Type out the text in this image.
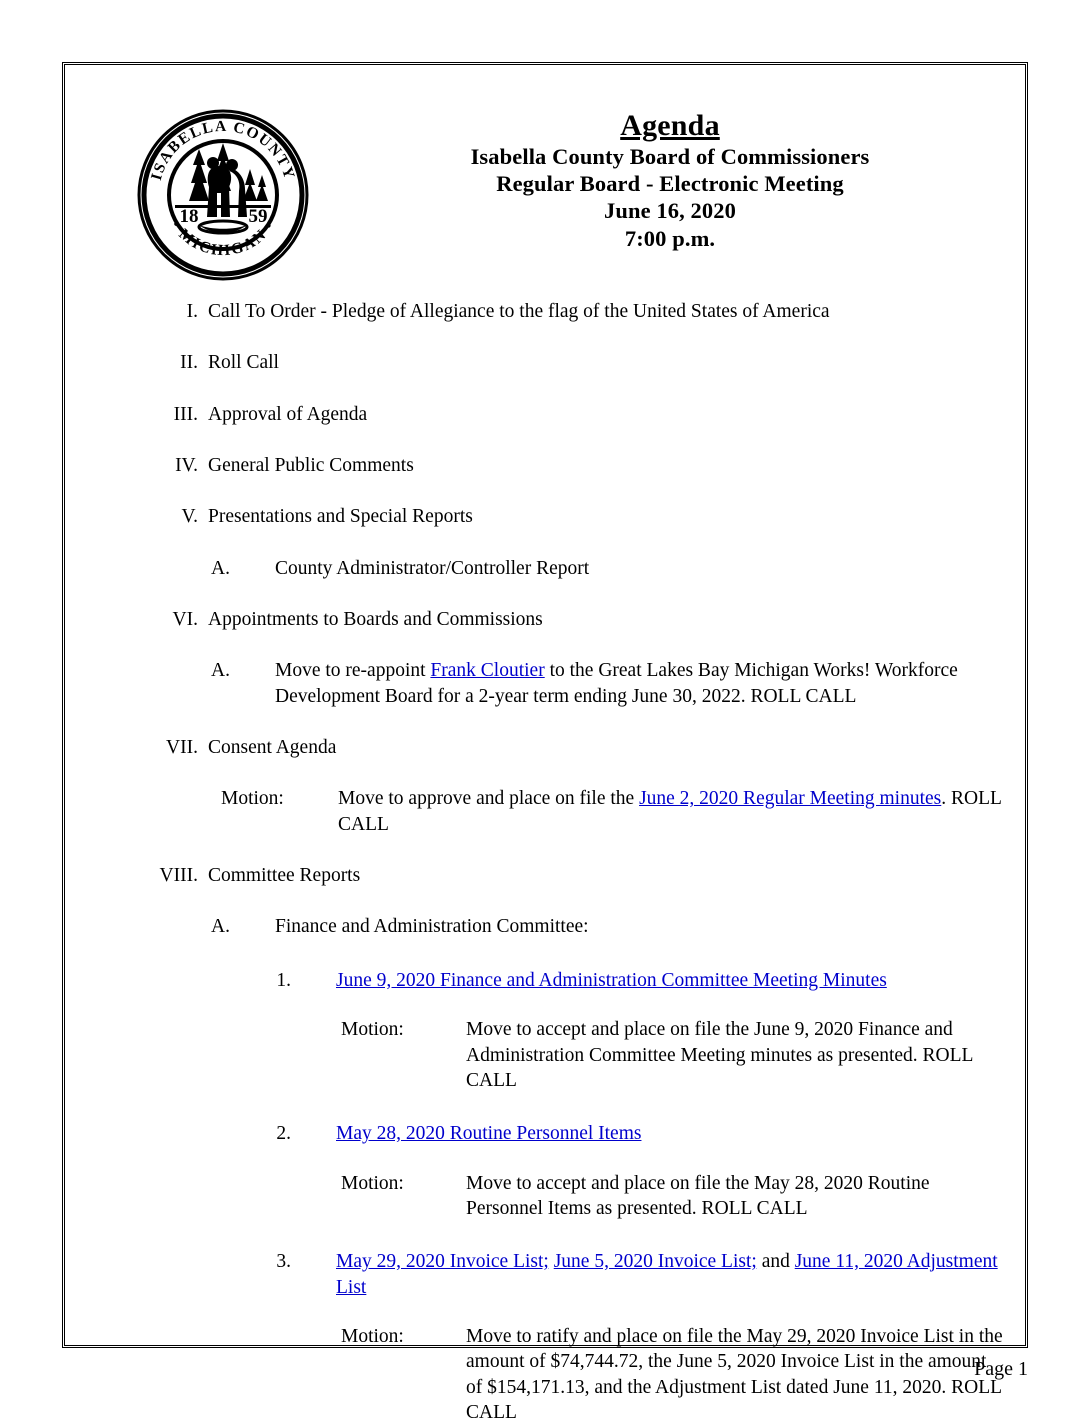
ISABELLA COUNTY
• MICHIGAN •
18	59
Agenda
Isabella County Board of Commissioners
Regular Board - Electronic Meeting
June 16, 2020
7:00 p.m.
I. Call To Order - Pledge of Allegiance to the flag of the United States of America
II. Roll Call
III. Approval of Agenda
IV. General Public Comments
V. Presentations and Special Reports
A. County Administrator/Controller Report
VI. Appointments to Boards and Commissions
A. Move to re-appoint Frank Cloutier to the Great Lakes Bay Michigan Works! Workforce Development Board for a 2-year term ending June 30, 2022. ROLL CALL
VII. Consent Agenda
Motion:	Move to approve and place on file the June 2, 2020 Regular Meeting minutes. ROLL CALL
VIII. Committee Reports
A. Finance and Administration Committee:
1. June 9, 2020 Finance and Administration Committee Meeting Minutes
Motion:	Move to accept and place on file the June 9, 2020 Finance and Administration Committee Meeting minutes as presented. ROLL CALL
2. May 28, 2020 Routine Personnel Items
Motion:	Move to accept and place on file the May 28, 2020 Routine Personnel Items as presented. ROLL CALL
3. May 29, 2020 Invoice List; June 5, 2020 Invoice List; and June 11, 2020 Adjustment List
Motion:	Move to ratify and place on file the May 29, 2020 Invoice List in the amount of $74,744.72, the June 5, 2020 Invoice List in the amount of $154,171.13, and the Adjustment List dated June 11, 2020. ROLL CALL
Page 1
